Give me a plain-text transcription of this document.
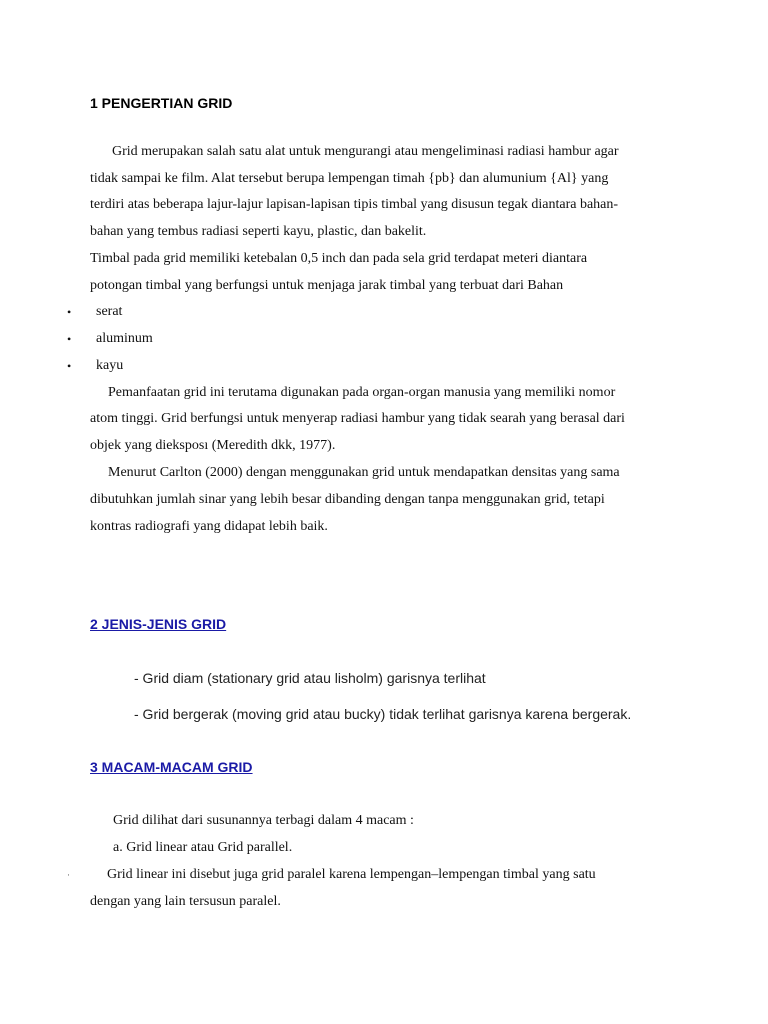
1 PENGERTIAN GRID
Grid merupakan salah satu alat untuk mengurangi atau mengeliminasi radiasi hambur agar
tidak sampai ke film. Alat tersebut berupa lempengan timah {pb} dan alumunium {Al} yang
terdiri atas beberapa lajur-lajur lapisan-lapisan tipis timbal yang disusun tegak diantara bahan-
bahan yang tembus radiasi seperti kayu, plastic, dan bakelit.
Timbal pada grid memiliki ketebalan 0,5 inch dan pada sela grid terdapat meteri diantara
potongan timbal yang berfungsi untuk menjaga jarak timbal yang terbuat dari Bahan
• serat
• aluminum
• kayu
Pemanfaatan grid ini terutama digunakan pada organ-organ manusia yang memiliki nomor
atom tinggi. Grid berfungsi untuk menyerap radiasi hambur yang tidak searah yang berasal dari
objek yang dieksposı (Meredith dkk, 1977).
Menurut Carlton (2000) dengan menggunakan grid untuk mendapatkan densitas yang sama
dibutuhkan jumlah sinar yang lebih besar dibanding dengan tanpa menggunakan grid, tetapi
kontras radiografi yang didapat lebih baik.
2 JENIS-JENIS GRID
- Grid diam (stationary grid atau lisholm) garisnya terlihat
- Grid bergerak (moving grid atau bucky) tidak terlihat garisnya karena bergerak.
3 MACAM-MACAM GRID
Grid dilihat dari susunannya terbagi dalam 4 macam :
a. Grid linear atau Grid parallel.
·	Grid linear ini disebut juga grid paralel karena lempengan–lempengan timbal yang satu
dengan yang lain tersusun paralel.
